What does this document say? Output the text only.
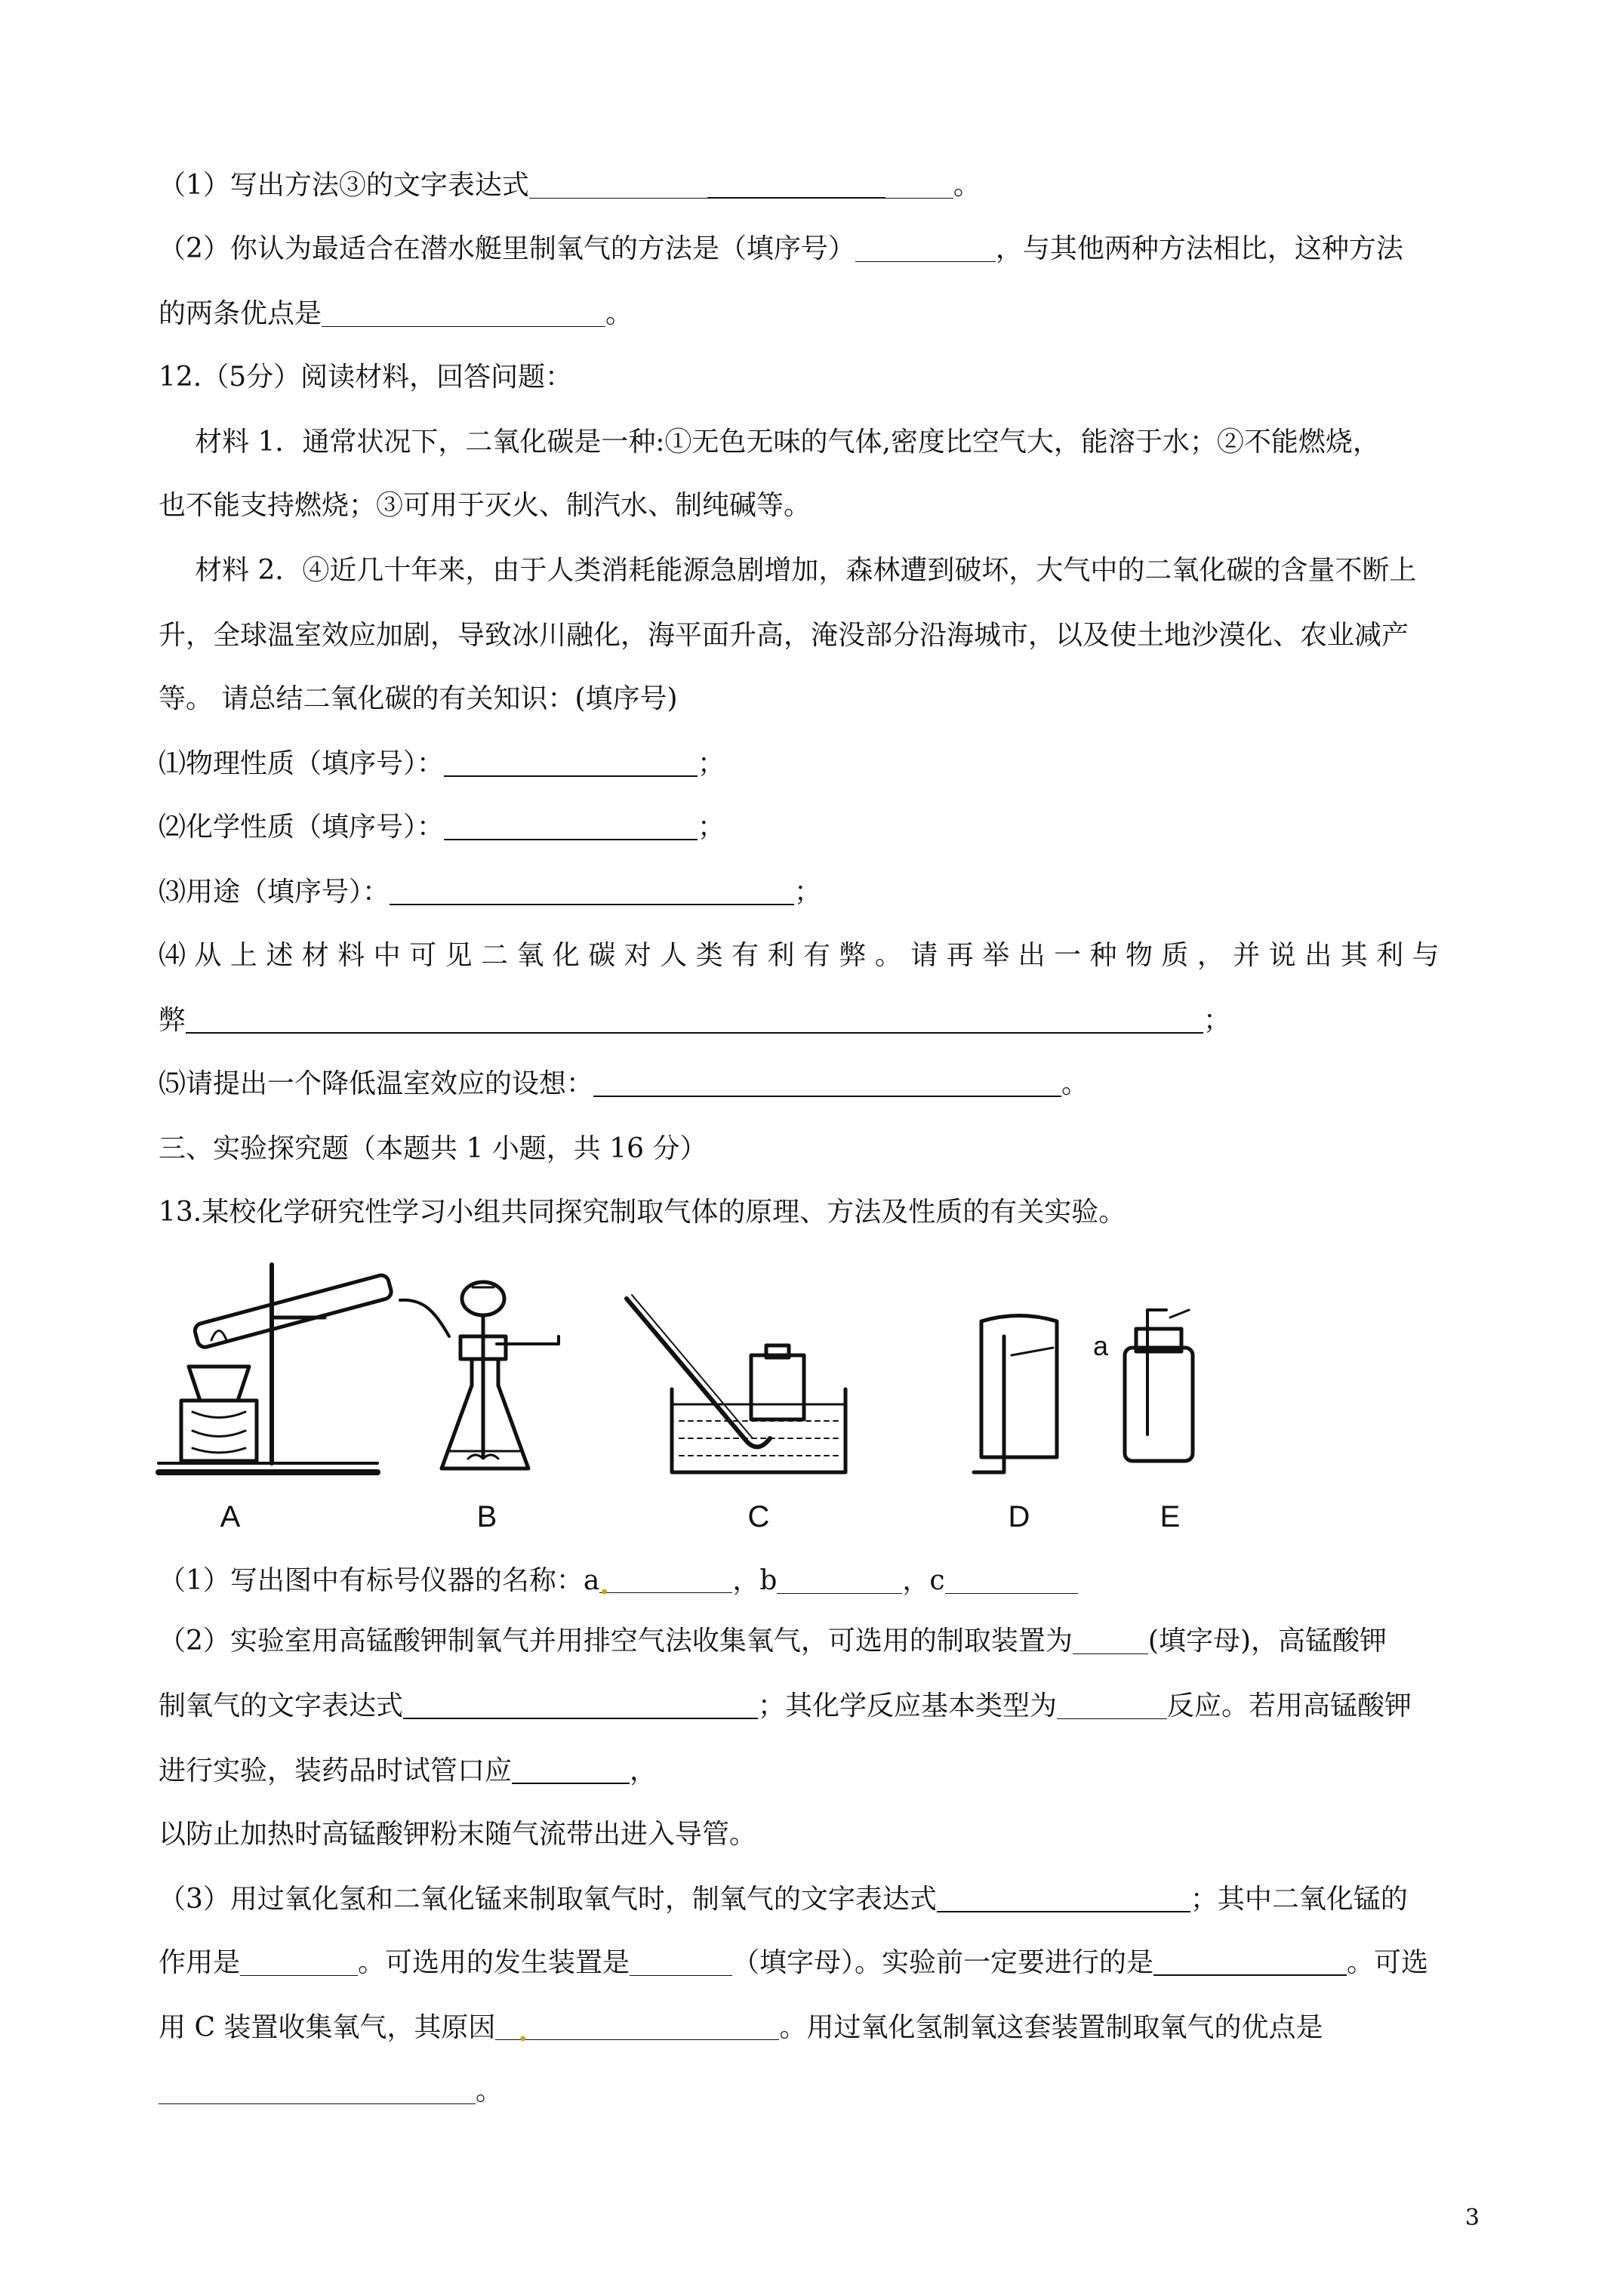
（1）写出方法③的文字表达式	。
（2）你认为最适合在潜水艇里制氧气的方法是（填序号）	，与其他两种方法相比，这种方法
的两条优点是	。
12.（5分）阅读材料，回答问题：
材料 1．通常状况下，二氧化碳是一种:①无色无味的气体,密度比空气大，能溶于水；②不能燃烧，
也不能支持燃烧；③可用于灭火、制汽水、制纯碱等。
材料 2．④近几十年来，由于人类消耗能源急剧增加，森林遭到破坏，大气中的二氧化碳的含量不断上
升，全球温室效应加剧，导致冰川融化，海平面升高，淹没部分沿海城市，以及使土地沙漠化、农业减产
等。 请总结二氧化碳的有关知识：(填序号)
⑴物理性质（填序号）：	；
⑵化学性质（填序号）：	；
⑶用途（填序号）：	；
⑷ 从 上 述 材 料 中 可 见 二 氧 化 碳 对 人 类 有 利 有 弊 。 请 再 举 出 一 种 物 质 ， 并 说 出 其 利 与
弊	；
⑸请提出一个降低温室效应的设想：	。
三、实验探究题（本题共 1 小题，共 16 分）
13.某校化学研究性学习小组共同探究制取气体的原理、方法及性质的有关实验。
a
A	B	C	D	E
（1）写出图中有标号仪器的名称：a.	，b	，c
（2）实验室用高锰酸钾制氧气并用排空气法收集氧气，可选用的制取装置为	(填字母)，高锰酸钾
制氧气的文字表达式	；其化学反应基本类型为	反应。若用高锰酸钾
进行实验，装药品时试管口应	，
以防止加热时高锰酸钾粉末随气流带出进入导管。
（3）用过氧化氢和二氧化锰来制取氧气时，制氧气的文字表达式	；其中二氧化锰的
作用是	。可选用的发生装置是	（填字母）。实验前一定要进行的是	。可选
用 C 装置收集氧气，其原因 .	。用过氧化氢制氧这套装置制取氧气的优点是
。
3
